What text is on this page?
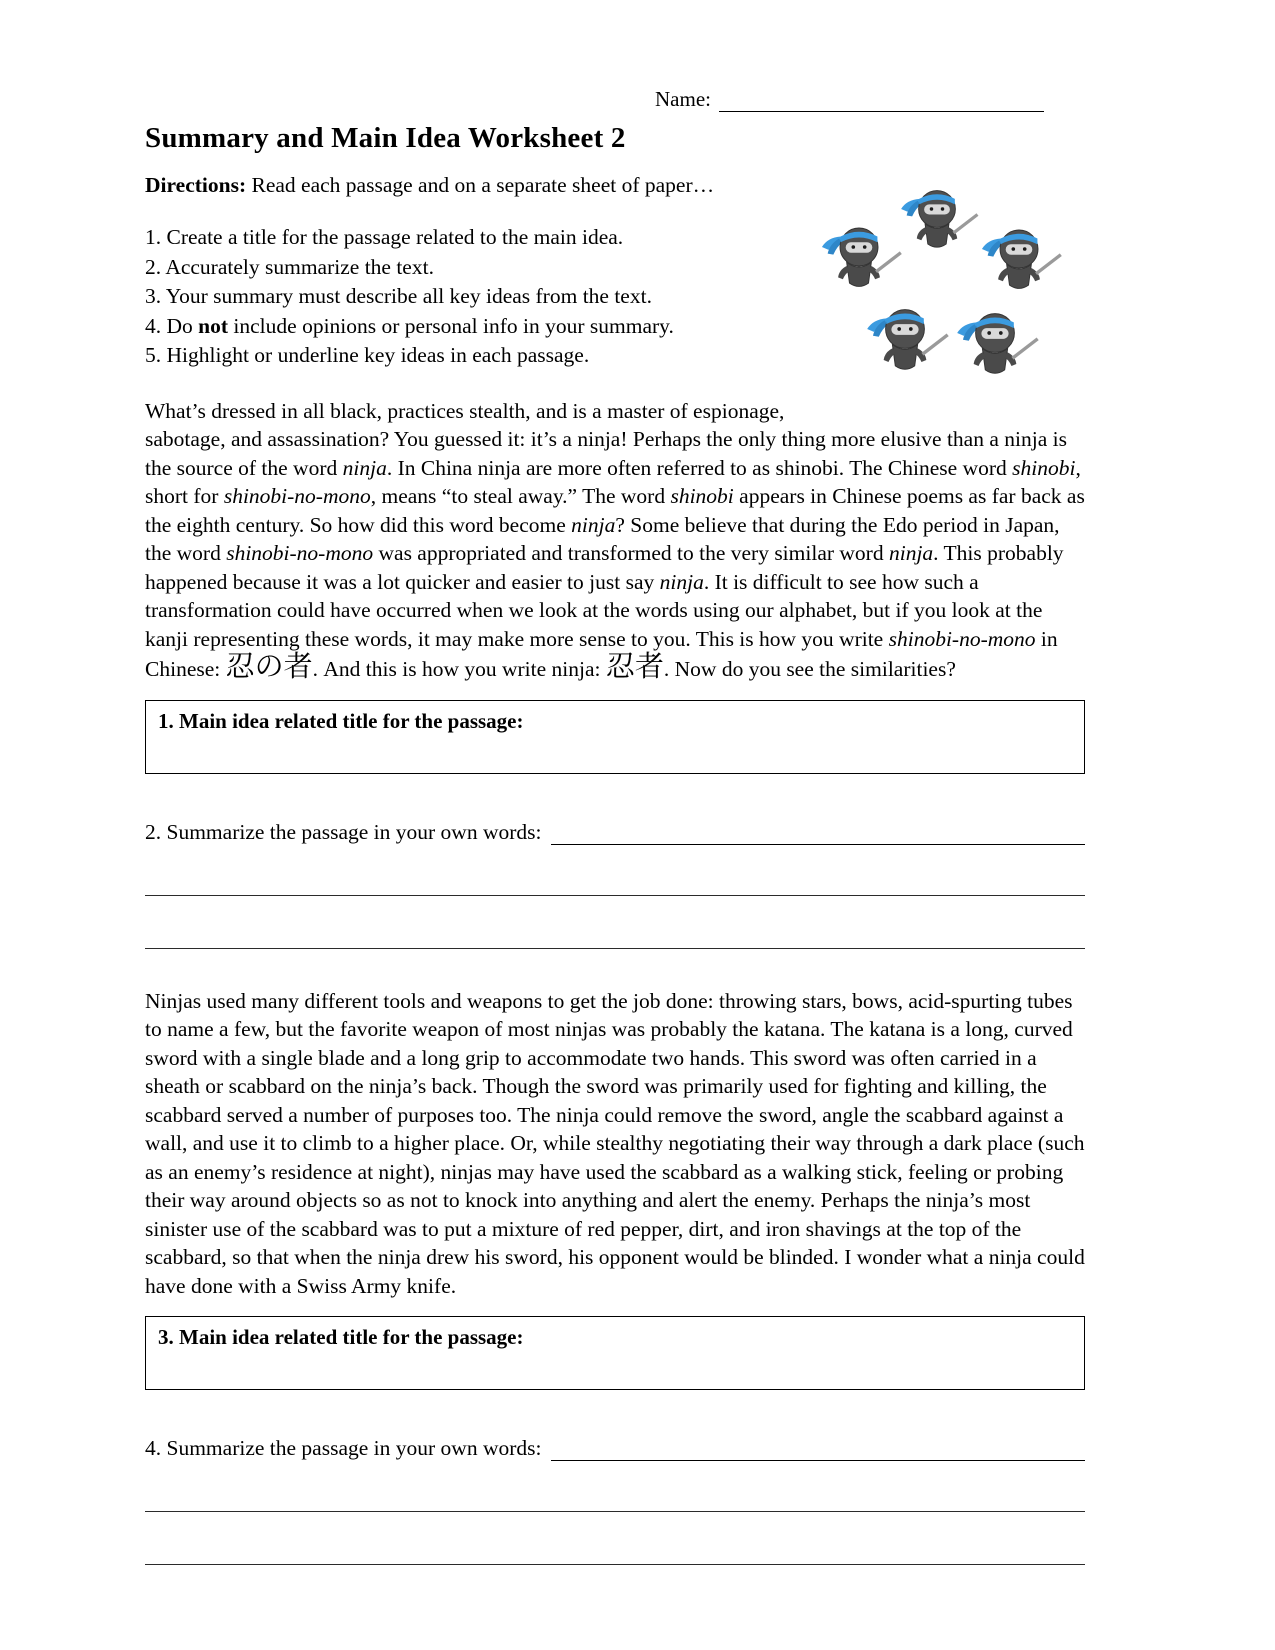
Name:
Summary and Main Idea Worksheet 2

Directions: Read each passage and on a separate sheet of paper…

1. Create a title for the passage related to the main idea.
2. Accurately summarize the text.
3. Your summary must describe all key ideas from the text.
4. Do not include opinions or personal info in your summary.
5. Highlight or underline key ideas in each passage.

What’s dressed in all black, practices stealth, and is a master of espionage, sabotage, and assassination? You guessed it: it’s a ninja! Perhaps the only thing more elusive than a ninja is the source of the word ninja. In China ninja are more often referred to as shinobi. The Chinese word shinobi, short for shinobi-no-mono, means “to steal away.” The word shinobi appears in Chinese poems as far back as the eighth century. So how did this word become ninja? Some believe that during the Edo period in Japan, the word shinobi-no-mono was appropriated and transformed to the very similar word ninja. This probably happened because it was a lot quicker and easier to just say ninja. It is difficult to see how such a transformation could have occurred when we look at the words using our alphabet, but if you look at the kanji representing these words, it may make more sense to you. This is how you write shinobi-no-mono in Chinese: 忍の者. And this is how you write ninja: 忍者. Now do you see the similarities?

1. Main idea related title for the passage:
2. Summarize the passage in your own words:

Ninjas used many different tools and weapons to get the job done: throwing stars, bows, acid-spurting tubes to name a few, but the favorite weapon of most ninjas was probably the katana. The katana is a long, curved sword with a single blade and a long grip to accommodate two hands. This sword was often carried in a sheath or scabbard on the ninja’s back. Though the sword was primarily used for fighting and killing, the scabbard served a number of purposes too. The ninja could remove the sword, angle the scabbard against a wall, and use it to climb to a higher place. Or, while stealthy negotiating their way through a dark place (such as an enemy’s residence at night), ninjas may have used the scabbard as a walking stick, feeling or probing their way around objects so as not to knock into anything and alert the enemy. Perhaps the ninja’s most sinister use of the scabbard was to put a mixture of red pepper, dirt, and iron shavings at the top of the scabbard, so that when the ninja drew his sword, his opponent would be blinded. I wonder what a ninja could have done with a Swiss Army knife.

3. Main idea related title for the passage:
4. Summarize the passage in your own words:
